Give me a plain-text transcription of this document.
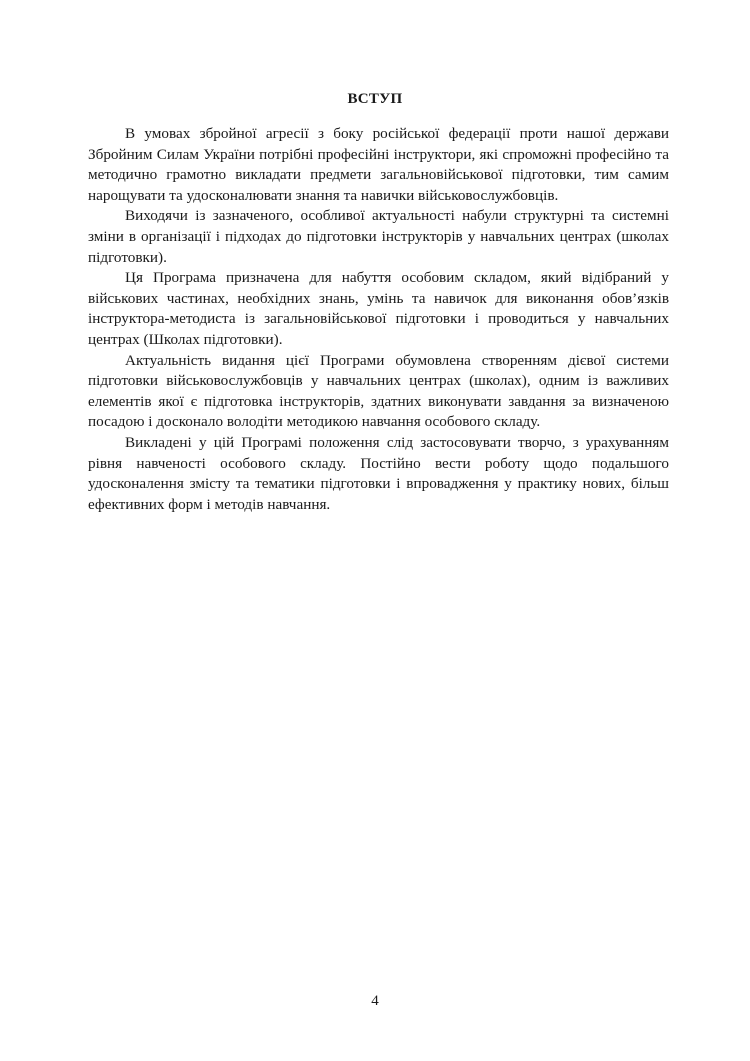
ВСТУП

В умовах збройної агресії з боку російської федерації проти нашої держави Збройним Силам України потрібні професійні інструктори, які спроможні професійно та методично грамотно викладати предмети загальновійськової підготовки, тим самим нарощувати та удосконалювати знання та навички військовослужбовців.

Виходячи із зазначеного, особливої актуальності набули структурні та системні зміни в організації і підходах до підготовки інструкторів у навчальних центрах (школах підготовки).

Ця Програма призначена для набуття особовим складом, який відібраний у військових частинах, необхідних знань, умінь та навичок для виконання обов’язків інструктора-методиста із загальновійськової підготовки і проводиться у навчальних центрах (Школах підготовки).

Актуальність видання цієї Програми обумовлена створенням дієвої системи підготовки військовослужбовців у навчальних центрах (школах), одним із важливих елементів якої є підготовка інструкторів, здатних виконувати завдання за визначеною посадою і досконало володіти методикою навчання особового складу.

Викладені у цій Програмі положення слід застосовувати творчо, з урахуванням рівня навченості особового складу. Постійно вести роботу щодо подальшого удосконалення змісту та тематики підготовки і впровадження у практику нових, більш ефективних форм і методів навчання.

4
